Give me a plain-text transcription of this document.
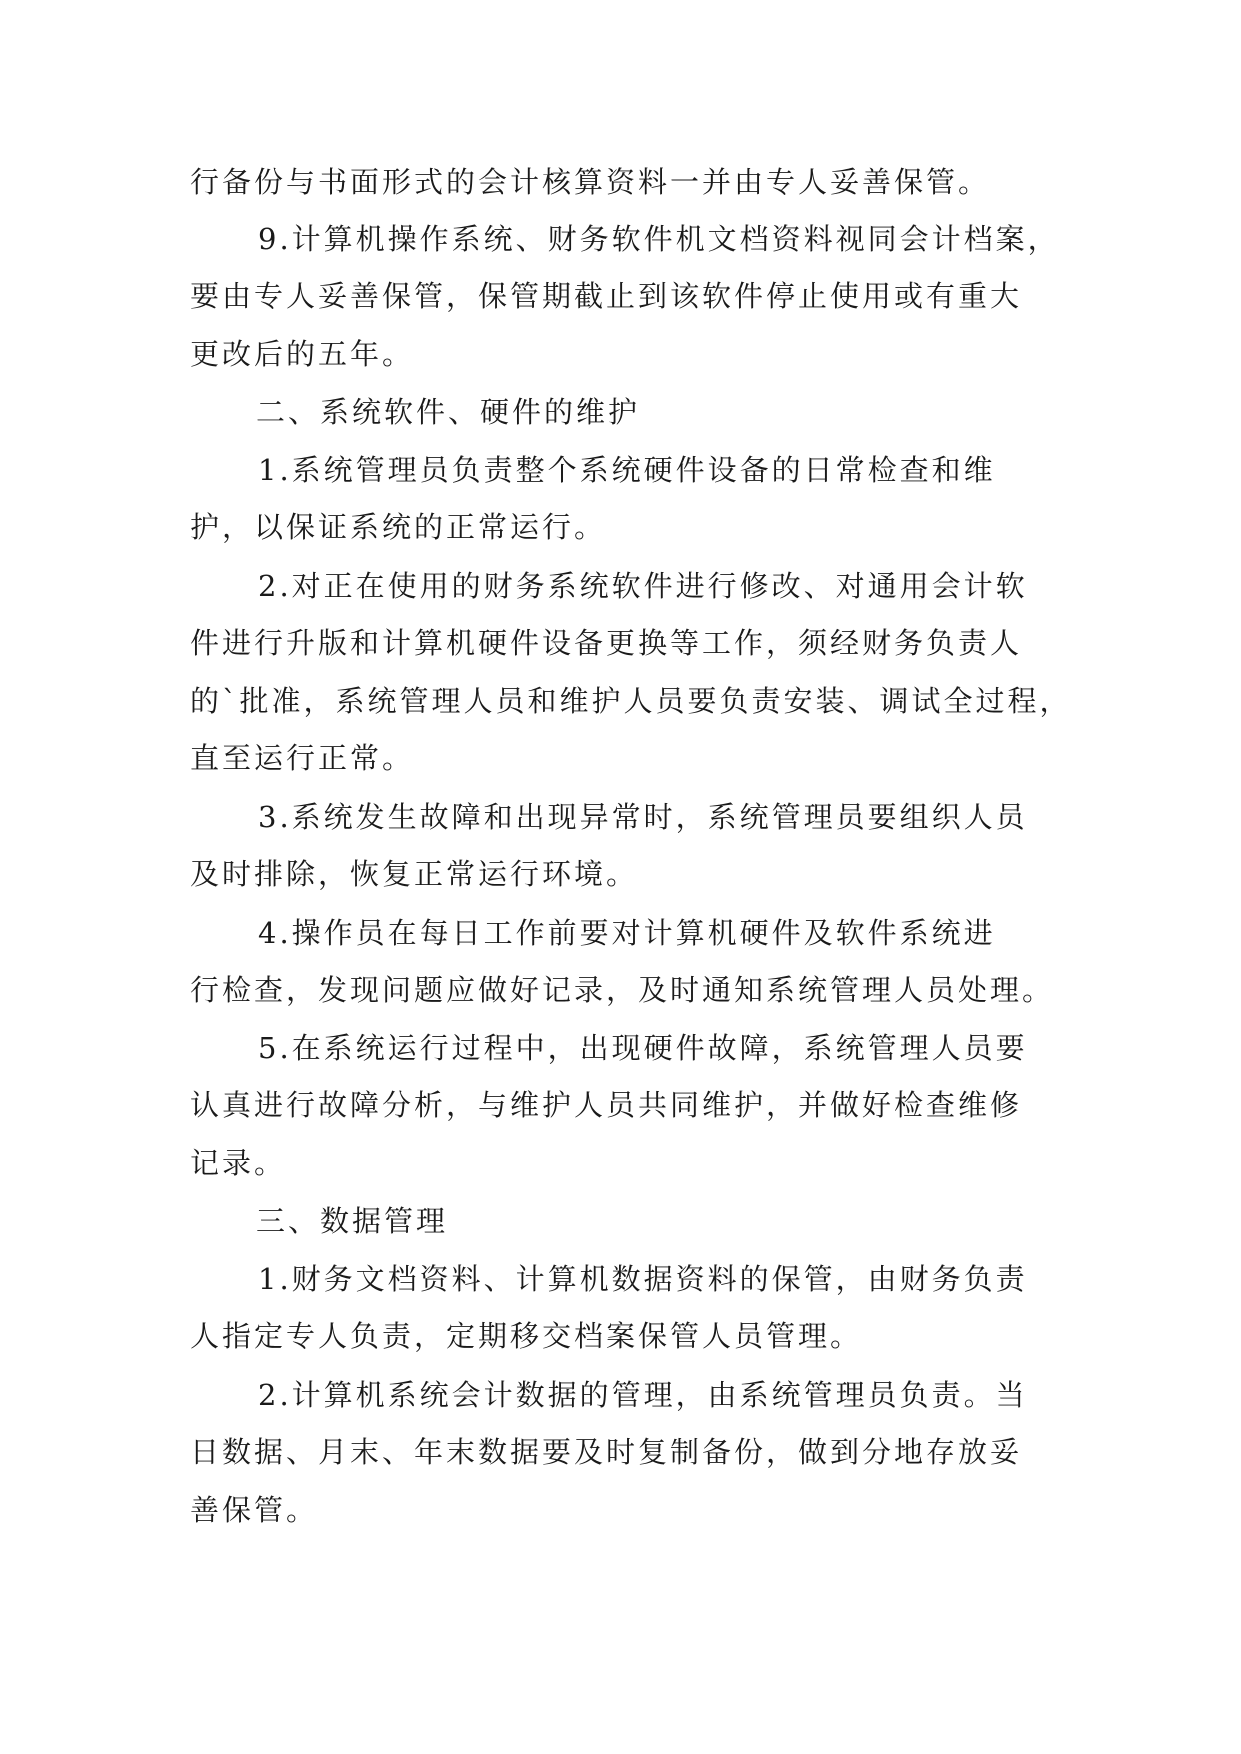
行备份与书面形式的会计核算资料一并由专人妥善保管。
9.计算机操作系统、财务软件机文档资料视同会计档案，
要由专人妥善保管，保管期截止到该软件停止使用或有重大
更改后的五年。
二、系统软件、硬件的维护
1.系统管理员负责整个系统硬件设备的日常检查和维
护，以保证系统的正常运行。
2.对正在使用的财务系统软件进行修改、对通用会计软
件进行升版和计算机硬件设备更换等工作，须经财务负责人
的`批准，系统管理人员和维护人员要负责安装、调试全过程，
直至运行正常。
3.系统发生故障和出现异常时，系统管理员要组织人员
及时排除，恢复正常运行环境。
4.操作员在每日工作前要对计算机硬件及软件系统进
行检查，发现问题应做好记录，及时通知系统管理人员处理。
5.在系统运行过程中，出现硬件故障，系统管理人员要
认真进行故障分析，与维护人员共同维护，并做好检查维修
记录。
三、数据管理
1.财务文档资料、计算机数据资料的保管，由财务负责
人指定专人负责，定期移交档案保管人员管理。
2.计算机系统会计数据的管理，由系统管理员负责。当
日数据、月末、年末数据要及时复制备份，做到分地存放妥
善保管。
